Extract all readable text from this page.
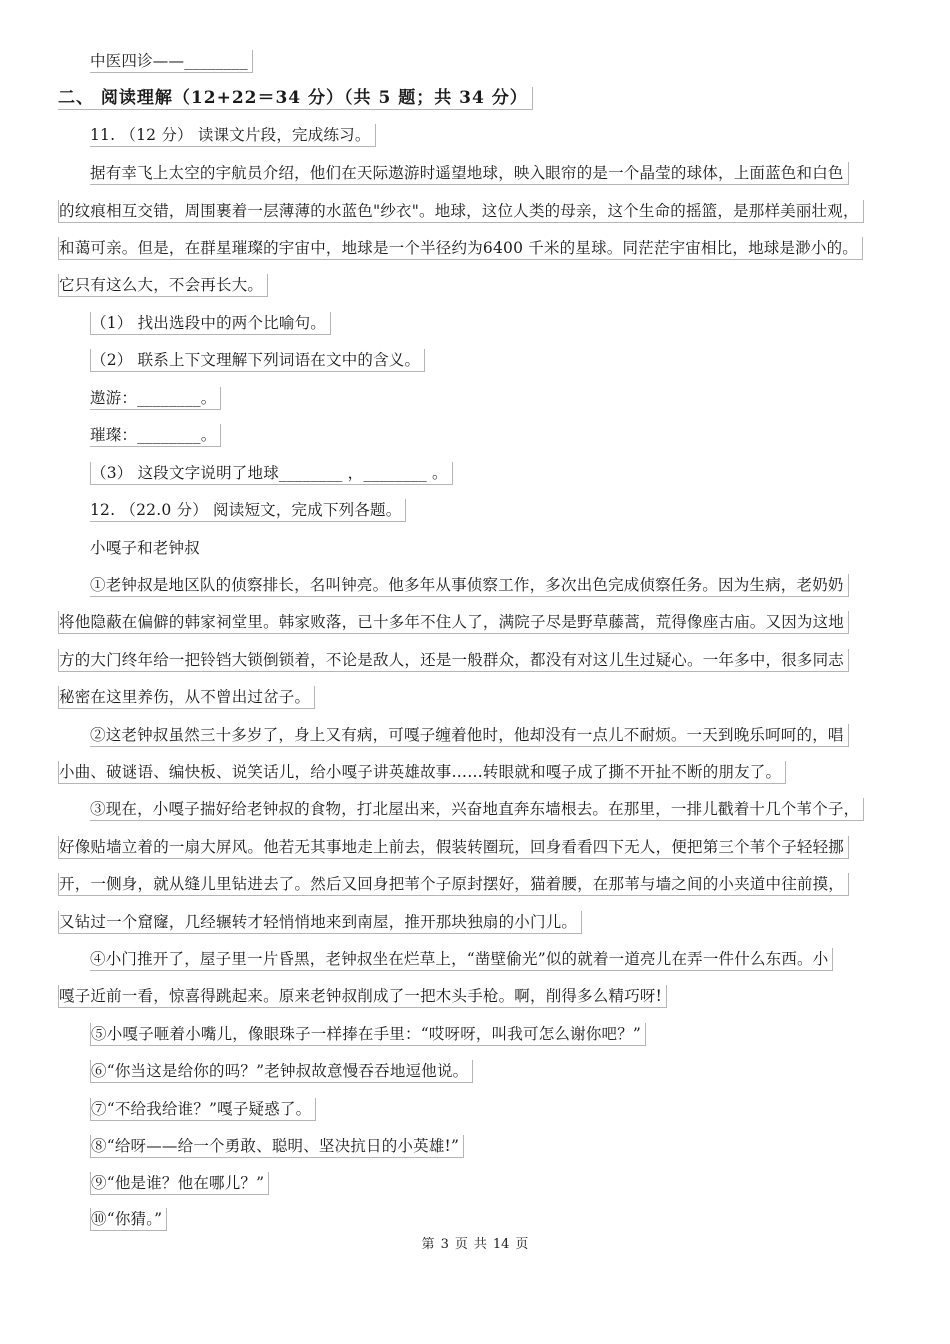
中医四诊——________
二、 阅读理解（12+22＝34 分）（共 5 题；共 34 分）
11. （12 分） 读课文片段，完成练习。
据有幸飞上太空的宇航员介绍，他们在天际遨游时遥望地球，映入眼帘的是一个晶莹的球体，上面蓝色和白色
的纹痕相互交错，周围裹着一层薄薄的水蓝色"纱衣"。地球，这位人类的母亲，这个生命的摇篮，是那样美丽壮观，
和蔼可亲。但是，在群星璀璨的宇宙中，地球是一个半径约为6400 千米的星球。同茫茫宇宙相比，地球是渺小的。
它只有这么大，不会再长大。
（1） 找出选段中的两个比喻句。
（2） 联系上下文理解下列词语在文中的含义。
遨游：________。
璀璨：________。
（3） 这段文字说明了地球________ ，________ 。
12. （22.0 分） 阅读短文，完成下列各题。
小嘎子和老钟叔
①老钟叔是地区队的侦察排长，名叫钟亮。他多年从事侦察工作，多次出色完成侦察任务。因为生病，老奶奶
将他隐蔽在偏僻的韩家祠堂里。韩家败落，已十多年不住人了，满院子尽是野草藤蒿，荒得像座古庙。又因为这地
方的大门终年给一把铃铛大锁倒锁着，不论是敌人，还是一般群众，都没有对这儿生过疑心。一年多中，很多同志
秘密在这里养伤，从不曾出过岔子。
②这老钟叔虽然三十多岁了，身上又有病，可嘎子缠着他时，他却没有一点儿不耐烦。一天到晚乐呵呵的，唱
小曲、破谜语、编快板、说笑话儿，给小嘎子讲英雄故事……转眼就和嘎子成了撕不开扯不断的朋友了。
③现在，小嘎子揣好给老钟叔的食物，打北屋出来，兴奋地直奔东墙根去。在那里，一排儿戳着十几个苇个子，
好像贴墙立着的一扇大屏风。他若无其事地走上前去，假装转圈玩，回身看看四下无人，便把第三个苇个子轻轻挪
开，一侧身，就从缝儿里钻进去了。然后又回身把苇个子原封摆好，猫着腰，在那苇与墙之间的小夹道中往前摸，
又钻过一个窟窿，几经辗转才轻悄悄地来到南屋，推开那块独扇的小门儿。
④小门推开了，屋子里一片昏黑，老钟叔坐在烂草上，“凿壁偷光”似的就着一道亮儿在弄一件什么东西。小
嘎子近前一看，惊喜得跳起来。原来老钟叔削成了一把木头手枪。啊，削得多么精巧呀!
⑤小嘎子咂着小嘴儿，像眼珠子一样捧在手里：“哎呀呀，叫我可怎么谢你吧？”
⑥“你当这是给你的吗？”老钟叔故意慢吞吞地逗他说。
⑦“不给我给谁？”嘎子疑惑了。
⑧“给呀——给一个勇敢、聪明、坚决抗日的小英雄!”
⑨“他是谁？他在哪儿？”
⑩“你猜。”
第 3 页 共 14 页
